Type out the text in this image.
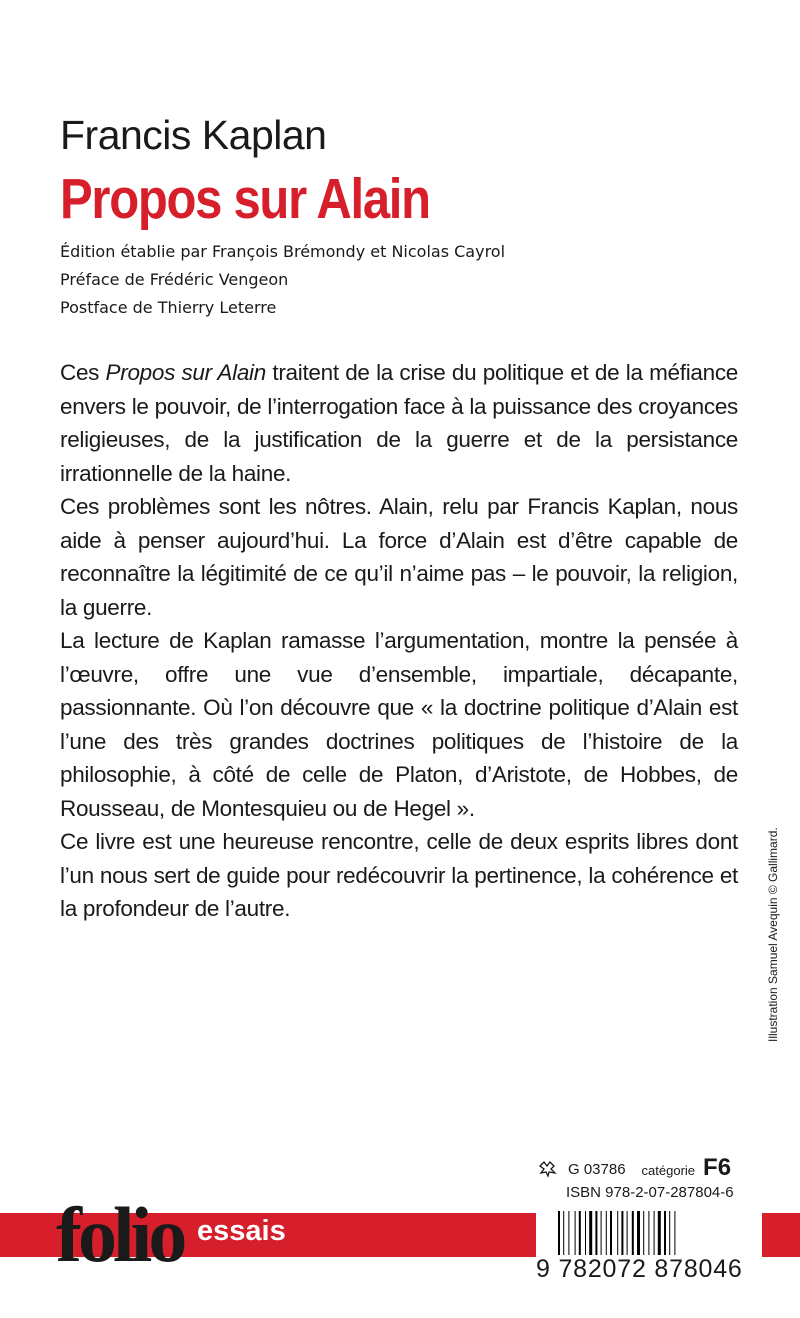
Francis Kaplan
Propos sur Alain
Édition établie par François Brémondy et Nicolas Cayrol
Préface de Frédéric Vengeon
Postface de Thierry Leterre
Ces Propos sur Alain traitent de la crise du politique et de la méfiance envers le pouvoir, de l’interrogation face à la puissance des croyances religieuses, de la justification de la guerre et de la persistance irrationnelle de la haine.
Ces problèmes sont les nôtres. Alain, relu par Francis Kaplan, nous aide à penser aujourd’hui. La force d’Alain est d’être capable de reconnaître la légitimité de ce qu’il n’aime pas – le pouvoir, la religion, la guerre.
La lecture de Kaplan ramasse l’argumentation, montre la pensée à l’œuvre, offre une vue d’ensemble, impartiale, décapante, passionnante. Où l’on découvre que « la doctrine politique d’Alain est l’une des très grandes doctrines politiques de l’histoire de la philosophie, à côté de celle de Platon, d’Aristote, de Hobbes, de Rousseau, de Montesquieu ou de Hegel ».
Ce livre est une heureuse rencontre, celle de deux esprits libres dont l’un nous sert de guide pour redécouvrir la pertinence, la cohérence et la profondeur de l’autre.	Illustration Samuel Avequin © Gallimard.
G 03786 catégorie F6
ISBN 978-2-07-287804-6
folio essais
9 782072 878046
